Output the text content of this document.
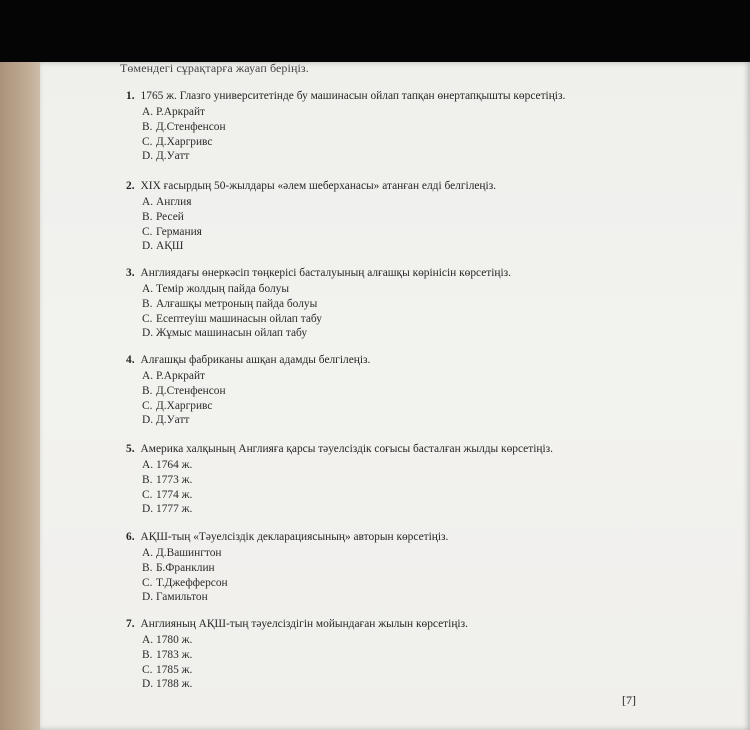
Төмендегі сұрақтарға жауап беріңіз.
1. 1765 ж. Глазго университетінде бу машинасын ойлап тапқан өнертапқышты көрсетіңіз.
A. Р.Аркрайт
B. Д.Стенфенсон
C. Д.Харгривс
D. Д.Уатт
2. XIX ғасырдың 50-жылдары «әлем шеберханасы» атанған елді белгілеңіз.
A. Англия
B. Ресей
C. Германия
D. АҚШ
3. Англиядағы өнеркәсіп төңкерісі басталуының алғашқы көрінісін көрсетіңіз.
A. Темір жолдың пайда болуы
B. Алғашқы метроның пайда болуы
C. Есептеуіш машинасын ойлап табу
D. Жұмыс машинасын ойлап табу
4. Алғашқы фабриканы ашқан адамды белгілеңіз.
A. Р.Аркрайт
B. Д.Стенфенсон
C. Д.Харгривс
D. Д.Уатт
5. Америка халқының Англияға қарсы тәуелсіздік соғысы басталған жылды көрсетіңіз.
A. 1764 ж.
B. 1773 ж.
C. 1774 ж.
D. 1777 ж.
6. АҚШ-тың «Тәуелсіздік декларациясының» авторын көрсетіңіз.
A. Д.Вашингтон
B. Б.Франклин
C. Т.Джефферсон
D. Гамильтон
7. Англияның АҚШ-тың тәуелсіздігін мойындаған жылын көрсетіңіз.
A. 1780 ж.
B. 1783 ж.
C. 1785 ж.
D. 1788 ж.
[7]
